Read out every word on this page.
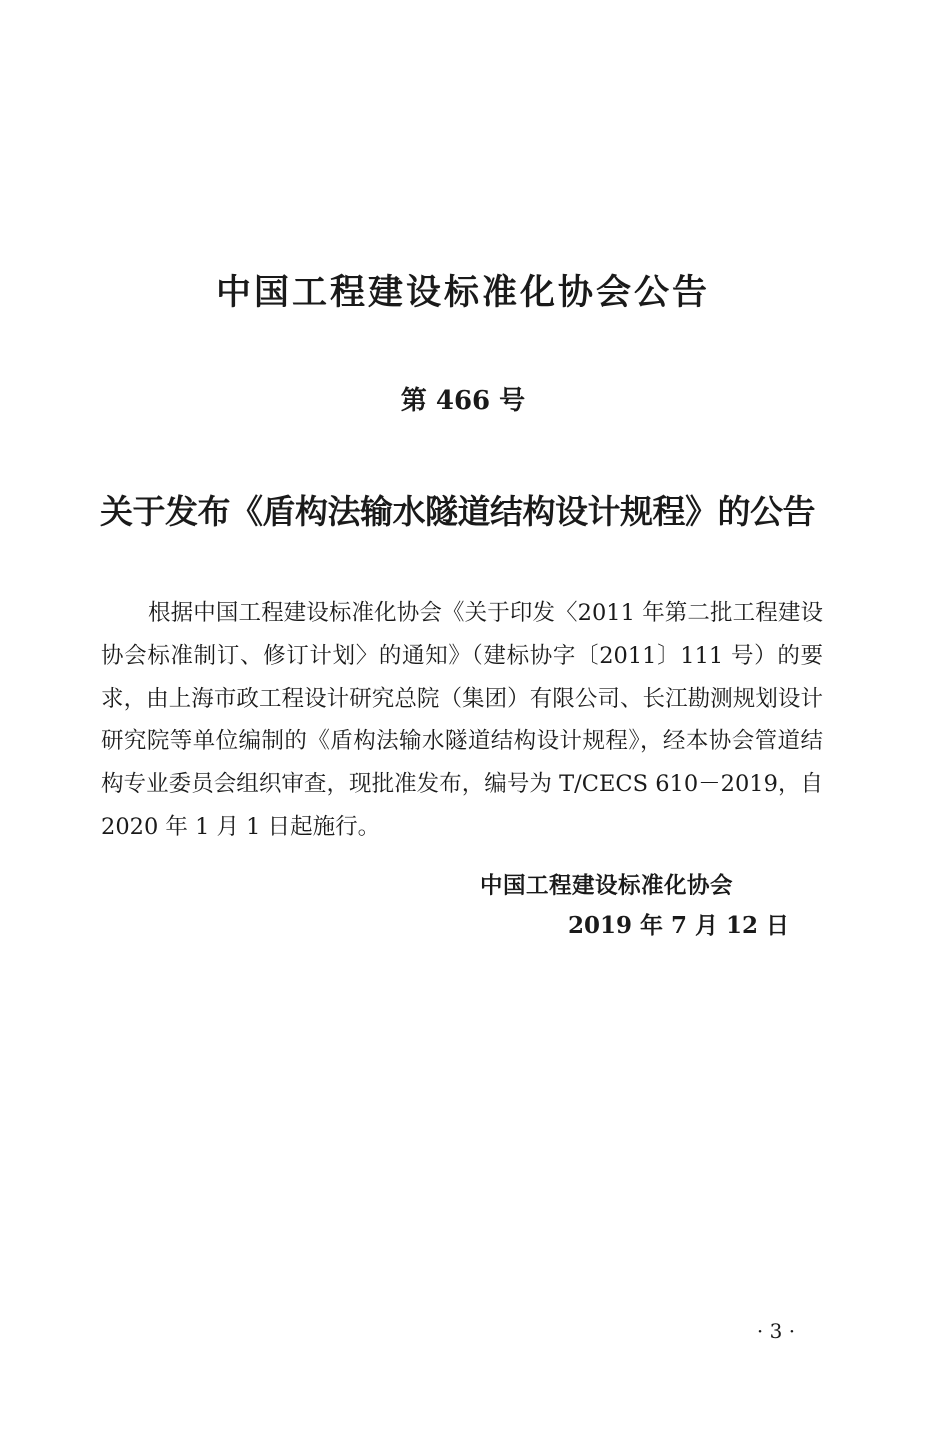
中国工程建设标准化协会公告
第 466 号
关于发布《盾构法输水隧道结构设计规程》的公告

根据中国工程建设标准化协会《关于印发〈2011 年第二批工程建设协会标准制订、修订计划〉的通知》（建标协字〔2011〕111 号）的要求，由上海市政工程设计研究总院（集团）有限公司、长江勘测规划设计研究院等单位编制的《盾构法输水隧道结构设计规程》，经本协会管道结构专业委员会组织审查，现批准发布，编号为 T/CECS 610－2019，自 2020 年 1 月 1 日起施行。

中国工程建设标准化协会
2019 年 7 月 12 日
· 3 ·
